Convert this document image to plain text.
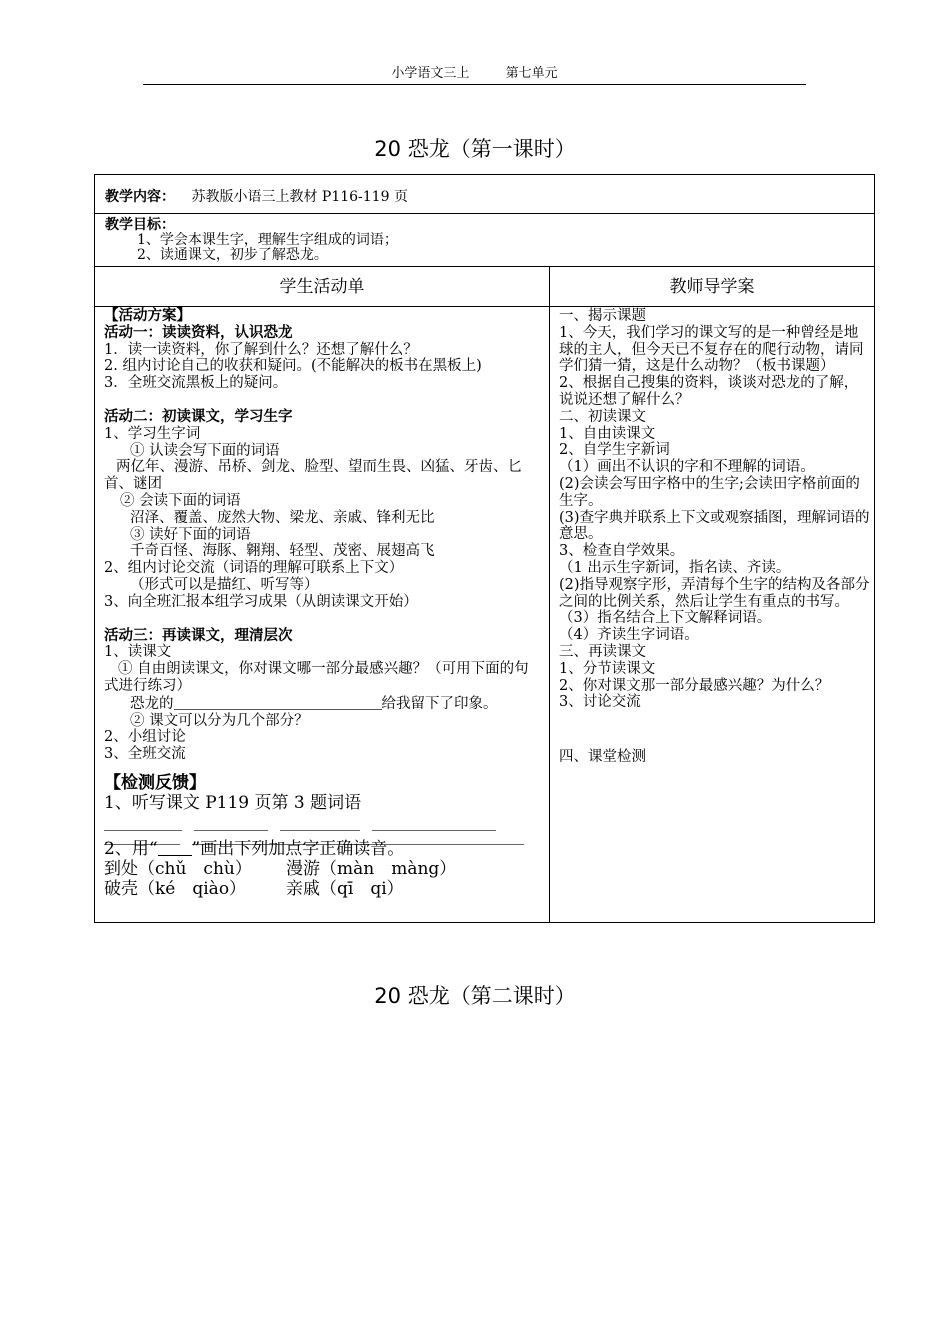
小学语文三上	第七单元
20 恐龙（第一课时）
教学内容： 苏教版小语三上教材 P116-119 页
教学目标：
1、学会本课生字，理解生字组成的词语；
2、读通课文，初步了解恐龙。
学生活动单	教师导学案
【活动方案】
活动一：读读资料，认识恐龙
1．读一读资料，你了解到什么？还想了解什么？
2. 组内讨论自己的收获和疑问。(不能解决的板书在黑板上)
3．全班交流黑板上的疑问。
活动二：初读课文，学习生字
1、学习生字词
① 认读会写下面的词语
两亿年、漫游、吊桥、剑龙、脸型、望而生畏、凶猛、牙齿、匕首、谜团
② 会读下面的词语
沼泽、覆盖、庞然大物、梁龙、亲戚、锋利无比
③ 读好下面的词语
千奇百怪、海豚、翱翔、轻型、茂密、展翅高飞
2、组内讨论交流（词语的理解可联系上下文）
（形式可以是描红、听写等）
3、向全班汇报本组学习成果（从朗读课文开始）
活动三：再读课文，理清层次
1、读课文
① 自由朗读课文，你对课文哪一部分最感兴趣？（可用下面的句式进行练习）
恐龙的	给我留下了印象。
② 课文可以分为几个部分？
2、小组讨论
3、全班交流
【检测反馈】
1、听写课文 P119 页第 3 题词语
2、用“ ”画出下列加点字正确读音。
到处（chǔ　chù） 漫游（màn　màng）
破壳（ké　qiào） 亲戚（qī　qi）
一、揭示课题
1、今天，我们学习的课文写的是一种曾经是地球的主人，但今天已不复存在的爬行动物，请同学们猜一猜，这是什么动物？（板书课题）
2、根据自己搜集的资料，谈谈对恐龙的了解，说说还想了解什么？
二、初读课文
1、自由读课文
2、自学生字新词
（1）画出不认识的字和不理解的词语。
(2)会读会写田字格中的生字;会读田字格前面的生字。
(3)查字典并联系上下文或观察插图，理解词语的意思。
3、检查自学效果。
（1 出示生字新词，指名读、齐读。
(2)指导观察字形，弄清每个生字的结构及各部分之间的比例关系，然后让学生有重点的书写。
（3）指名结合上下文解释词语。
（4）齐读生字词语。
三、再读课文
1、分节读课文
2、你对课文那一部分最感兴趣？为什么？
3、讨论交流
四、课堂检测
20 恐龙（第二课时）
